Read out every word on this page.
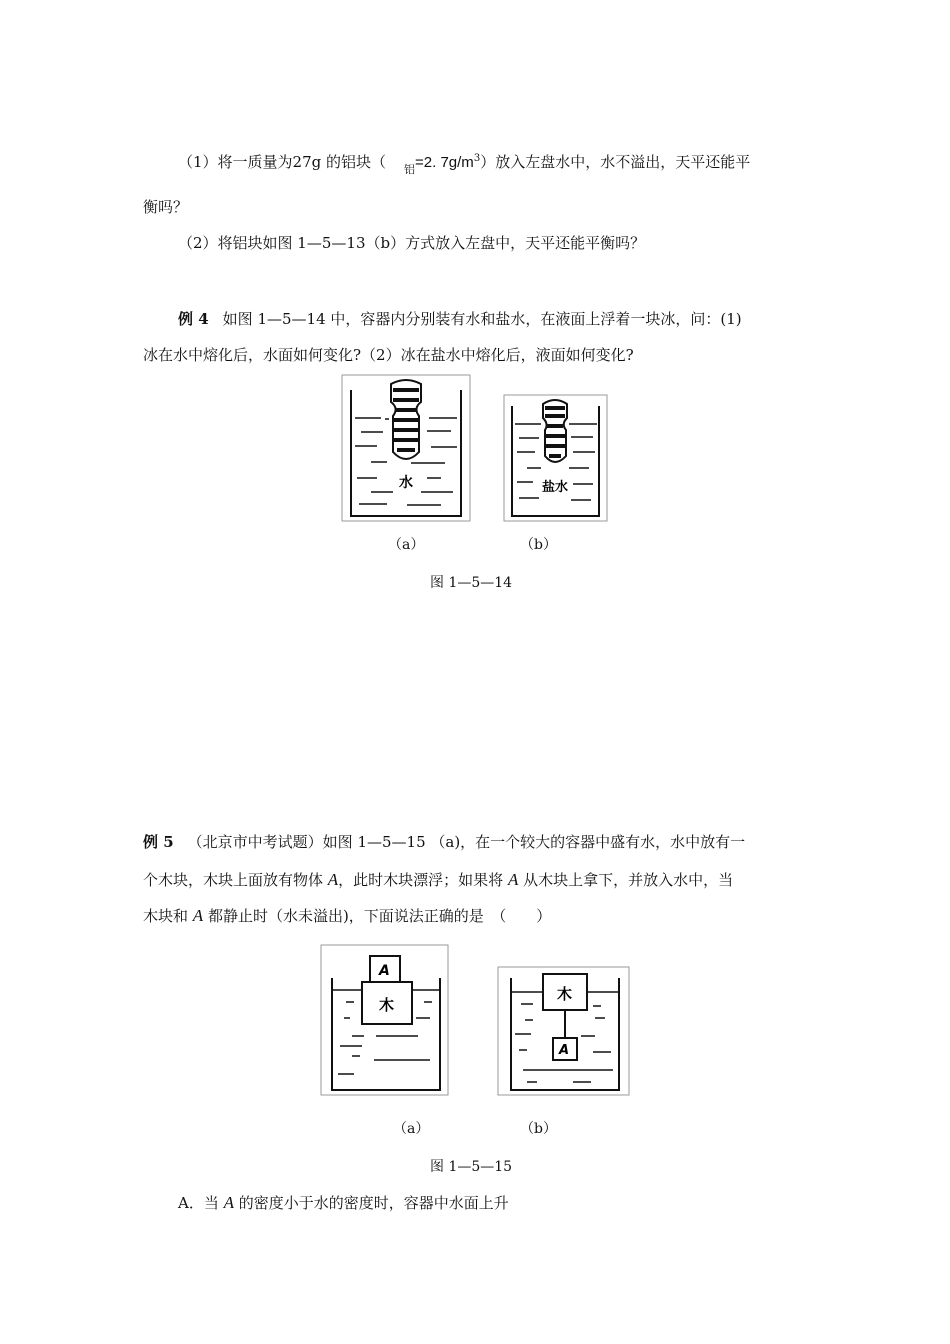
（1）将一质量为27g 的铝块（ $_铝$=2. $7g/m^3$）放入左盘水中，水不溢出，天平还能平
衡吗？
（2）将铝块如图 1—5—13（b）方式放入左盘中，天平还能平衡吗？
例 4 如图 1—5—14 中，容器内分别装有水和盐水，在液面上浮着一块冰，问：(1)
冰在水中熔化后，水面如何变化?（2）冰在盐水中熔化后，液面如何变化?
水	盐水
（a）	（b）
图 1—5—14
例 5 （北京市中考试题）如图 1—5—15 （a)，在一个较大的容器中盛有水，水中放有一
个木块，木块上面放有物体 A，此时木块漂浮；如果将 A 从木块上拿下，并放入水中，当
木块和 A 都静止时（水未溢出)，下面说法正确的是　（　　）
A
木
A
木
（a）	（b）
图 1—5—15
A．当 A 的密度小于水的密度时，容器中水面上升
